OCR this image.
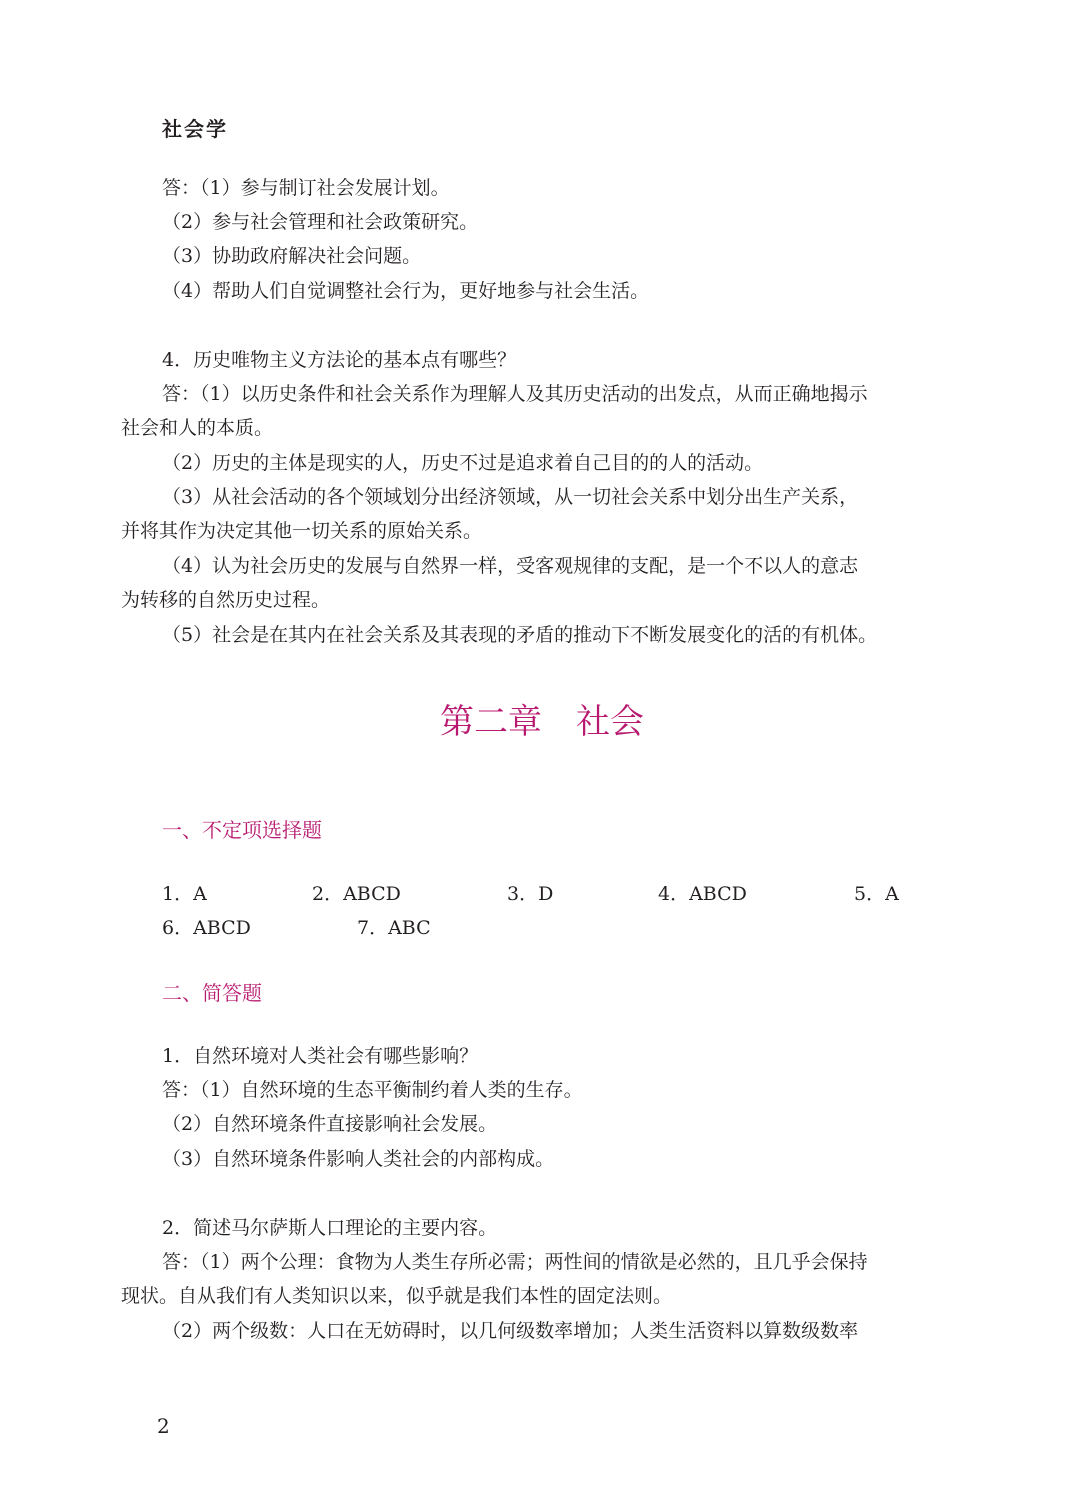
社会学
答：（1）参与制订社会发展计划。
（2）参与社会管理和社会政策研究。
（3）协助政府解决社会问题。
（4）帮助人们自觉调整社会行为，更好地参与社会生活。
4．历史唯物主义方法论的基本点有哪些？
答：（1）以历史条件和社会关系作为理解人及其历史活动的出发点，从而正确地揭示
社会和人的本质。
（2）历史的主体是现实的人，历史不过是追求着自己目的的人的活动。
（3）从社会活动的各个领域划分出经济领域，从一切社会关系中划分出生产关系，
并将其作为决定其他一切关系的原始关系。
（4）认为社会历史的发展与自然界一样，受客观规律的支配，是一个不以人的意志
为转移的自然历史过程。
（5）社会是在其内在社会关系及其表现的矛盾的推动下不断发展变化的活的有机体。
第二章　社会
一、不定项选择题
1．A	2．ABCD	3．D	4．ABCD	5．A
6．ABCD	7．ABC
二、简答题
1．自然环境对人类社会有哪些影响？
答：（1）自然环境的生态平衡制约着人类的生存。
（2）自然环境条件直接影响社会发展。
（3）自然环境条件影响人类社会的内部构成。
2．简述马尔萨斯人口理论的主要内容。
答：（1）两个公理：食物为人类生存所必需；两性间的情欲是必然的，且几乎会保持
现状。自从我们有人类知识以来，似乎就是我们本性的固定法则。
（2）两个级数：人口在无妨碍时，以几何级数率增加；人类生活资料以算数级数率
2
